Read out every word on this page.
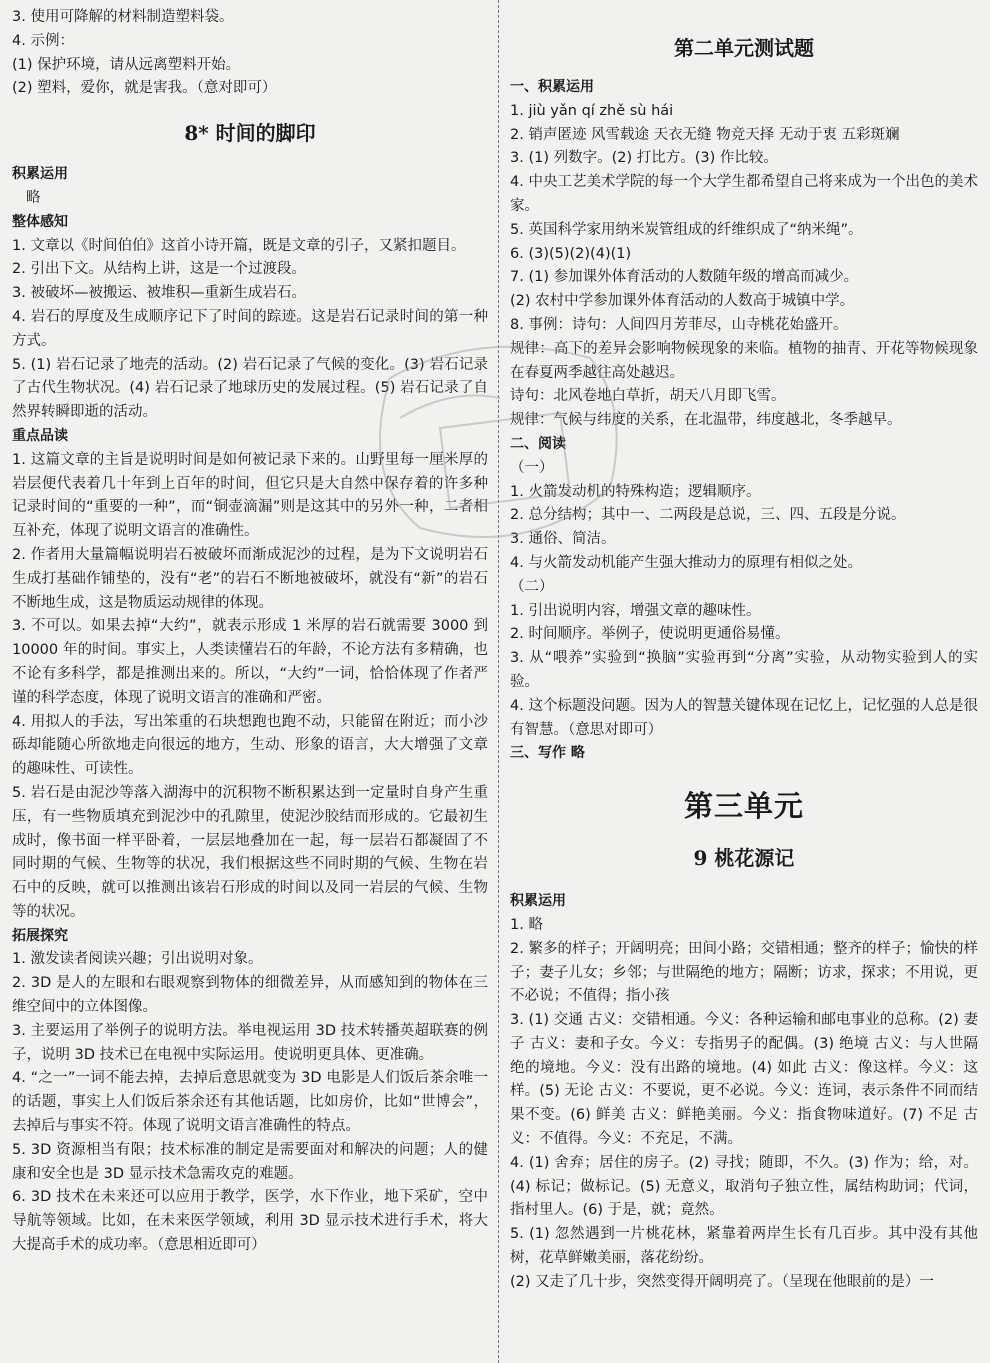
3. 使用可降解的材料制造塑料袋。

4. 示例：

(1) 保护环境，请从远离塑料开始。

(2) 塑料，爱你，就是害我。（意对即可）

8* 时间的脚印

积累运用

略

整体感知

1. 文章以《时间伯伯》这首小诗开篇，既是文章的引子，又紧扣题目。

2. 引出下文。从结构上讲，这是一个过渡段。

3. 被破坏—被搬运、被堆积—重新生成岩石。

4. 岩石的厚度及生成顺序记下了时间的踪迹。这是岩石记录时间的第一种方式。

5. (1) 岩石记录了地壳的活动。(2) 岩石记录了气候的变化。(3) 岩石记录了古代生物状况。(4) 岩石记录了地球历史的发展过程。(5) 岩石记录了自然界转瞬即逝的活动。

重点品读

1. 这篇文章的主旨是说明时间是如何被记录下来的。山野里每一厘米厚的岩层便代表着几十年到上百年的时间，但它只是大自然中保存着的许多种记录时间的“重要的一种”，而“铜壶滴漏”则是这其中的另外一种，二者相互补充，体现了说明文语言的准确性。

2. 作者用大量篇幅说明岩石被破坏而渐成泥沙的过程，是为下文说明岩石生成打基础作铺垫的，没有“老”的岩石不断地被破坏，就没有“新”的岩石不断地生成，这是物质运动规律的体现。

3. 不可以。如果去掉“大约”，就表示形成 1 米厚的岩石就需要 3000 到 10000 年的时间。事实上，人类读懂岩石的年龄，不论方法有多精确，也不论有多科学，都是推测出来的。所以，“大约”一词，恰恰体现了作者严谨的科学态度，体现了说明文语言的准确和严密。

4. 用拟人的手法，写出笨重的石块想跑也跑不动，只能留在附近；而小沙砾却能随心所欲地走向很远的地方，生动、形象的语言，大大增强了文章的趣味性、可读性。

5. 岩石是由泥沙等落入湖海中的沉积物不断积累达到一定量时自身产生重压，有一些物质填充到泥沙中的孔隙里，使泥沙胶结而形成的。它最初生成时，像书面一样平卧着，一层层地叠加在一起，每一层岩石都凝固了不同时期的气候、生物等的状况，我们根据这些不同时期的气候、生物在岩石中的反映，就可以推测出该岩石形成的时间以及同一岩层的气候、生物等的状况。

拓展探究

1. 激发读者阅读兴趣；引出说明对象。

2. 3D 是人的左眼和右眼观察到物体的细微差异，从而感知到的物体在三维空间中的立体图像。

3. 主要运用了举例子的说明方法。举电视运用 3D 技术转播英超联赛的例子，说明 3D 技术已在电视中实际运用。使说明更具体、更准确。

4. “之一”一词不能去掉，去掉后意思就变为 3D 电影是人们饭后茶余唯一的话题，事实上人们饭后茶余还有其他话题，比如房价，比如“世博会”，去掉后与事实不符。体现了说明文语言准确性的特点。

5. 3D 资源相当有限；技术标准的制定是需要面对和解决的问题；人的健康和安全也是 3D 显示技术急需攻克的难题。

6. 3D 技术在未来还可以应用于教学，医学，水下作业，地下采矿，空中导航等领域。比如，在未来医学领域，利用 3D 显示技术进行手术，将大大提高手术的成功率。（意思相近即可）

第二单元测试题

一、积累运用

1. jiù yǎn qí zhě sù hái

2. 销声匿迹 风雪载途 天衣无缝 物竞天择 无动于衷 五彩斑斓

3. (1) 列数字。(2) 打比方。(3) 作比较。

4. 中央工艺美术学院的每一个大学生都希望自己将来成为一个出色的美术家。

5. 英国科学家用纳米炭管组成的纤维织成了“纳米绳”。

6. (3)(5)(2)(4)(1)

7. (1) 参加课外体育活动的人数随年级的增高而减少。

(2) 农村中学参加课外体育活动的人数高于城镇中学。

8. 事例：诗句：人间四月芳菲尽，山寺桃花始盛开。

规律：高下的差异会影响物候现象的来临。植物的抽青、开花等物候现象在春夏两季越往高处越迟。

诗句：北风卷地白草折，胡天八月即飞雪。

规律：气候与纬度的关系，在北温带，纬度越北，冬季越早。

二、阅读

（一）

1. 火箭发动机的特殊构造；逻辑顺序。

2. 总分结构；其中一、二两段是总说，三、四、五段是分说。

3. 通俗、简洁。

4. 与火箭发动机能产生强大推动力的原理有相似之处。

（二）

1. 引出说明内容，增强文章的趣味性。

2. 时间顺序。举例子，使说明更通俗易懂。

3. 从“喂养”实验到“换脑”实验再到“分离”实验，从动物实验到人的实验。

4. 这个标题没问题。因为人的智慧关键体现在记忆上，记忆强的人总是很有智慧。（意思对即可）

三、写作 略

第三单元

9 桃花源记

积累运用

1. 略

2. 繁多的样子；开阔明亮；田间小路；交错相通；整齐的样子；愉快的样子；妻子儿女；乡邻；与世隔绝的地方；隔断；访求，探求；不用说，更不必说；不值得；指小孩

3. (1) 交通 古义：交错相通。今义：各种运输和邮电事业的总称。(2) 妻子 古义：妻和子女。今义：专指男子的配偶。(3) 绝境 古义：与人世隔绝的境地。今义：没有出路的境地。(4) 如此 古义：像这样。今义：这样。(5) 无论 古义：不要说，更不必说。今义：连词，表示条件不同而结果不变。(6) 鲜美 古义：鲜艳美丽。今义：指食物味道好。(7) 不足 古义：不值得。今义：不充足，不满。

4. (1) 舍弃；居住的房子。(2) 寻找；随即，不久。(3) 作为；给，对。(4) 标记；做标记。(5) 无意义，取消句子独立性，属结构助词；代词，指村里人。(6) 于是，就；竟然。

5. (1) 忽然遇到一片桃花林，紧靠着两岸生长有几百步。其中没有其他树，花草鲜嫩美丽，落花纷纷。

(2) 又走了几十步，突然变得开阔明亮了。（呈现在他眼前的是）一
